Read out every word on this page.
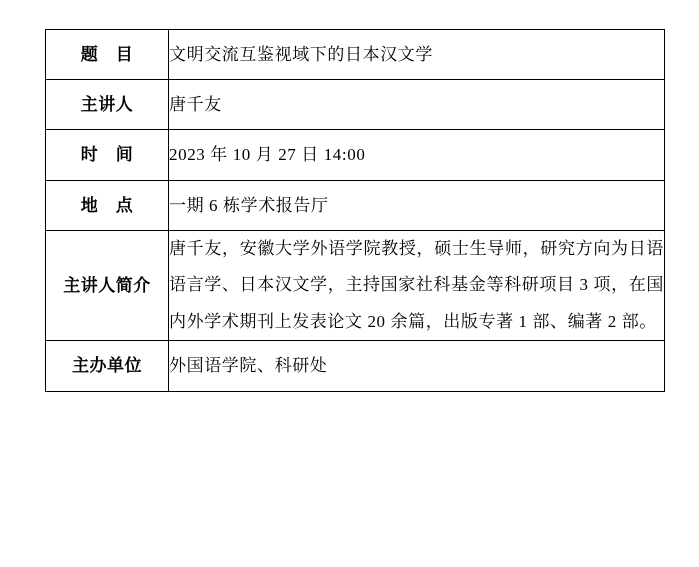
题　目	文明交流互鉴视域下的日本汉文学
主讲人	唐千友
时　间	2023 年 10 月 27 日 14:00
地　点	一期 6 栋学术报告厅
主讲人简介	唐千友，安徽大学外语学院教授，硕士生导师，研究方向为日语语言学、日本汉文学，主持国家社科基金等科研项目 3 项，在国内外学术期刊上发表论文 20 余篇，出版专著 1 部、编著 2 部。
主办单位	外国语学院、科研处
